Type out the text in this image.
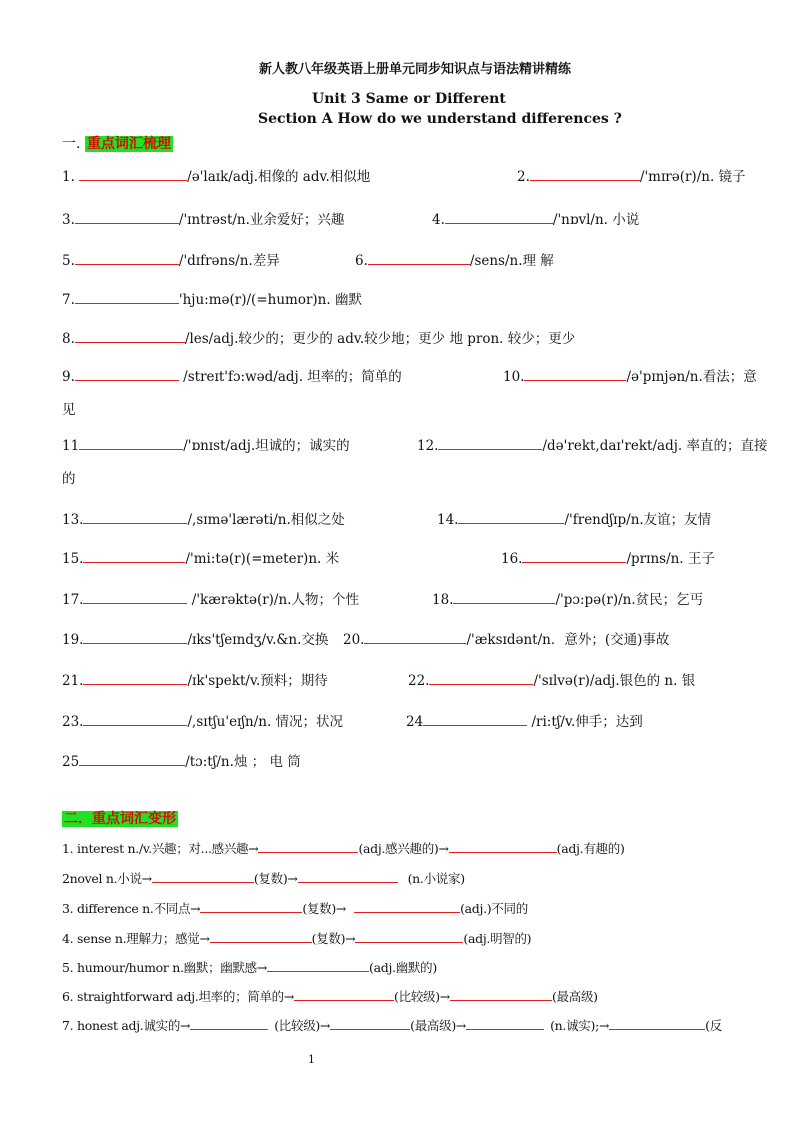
新人教八年级英语上册单元同步知识点与语法精讲精练
Unit 3 Same or Different
Section A How do we understand differences ?
一. 重点词汇梳理
1.	/ə'laɪk/adj.相像的 adv.相似地	2.	/'mɪrə(r)/n. 镜子
3.	/'ɪntrəst/n.业余爱好；兴趣	4.	/'nɒvl/n. 小说
5.	/'dɪfrəns/n.差异	6.	/sens/n.理 解
7.	'hju:mə(r)/(=humor)n. 幽默
8.	/les/adj.较少的；更少的 adv.较少地；更少 地 pron. 较少；更少
9.	/streɪt'fɔ:wəd/adj. 坦率的；简单的	10.	/ə'pɪnjən/n.看法；意
见
11	/'ɒnɪst/adj.坦诚的；诚实的	12.	/də'rekt,daɪ'rekt/adj. 率直的；直接
的
13.	/,sɪmə'lærəti/n.相似之处	14.	/'frendʃɪp/n.友谊；友情
15.	/'mi:tə(r)(=meter)n. 米	16.	/prɪns/n. 王子
17.	/'kærəktə(r)/n.人物；个性	18.	/'pɔ:pə(r)/n.贫民；乞丐
19.	/ɪks'tʃeɪndʒ/v.&n.交换 20.	/'æksɪdənt/n．意外；(交通)事故
21.	/ɪk'spekt/v.预料；期待	22.	/'sɪlvə(r)/adj.银色的 n. 银
23.	/,sɪtʃu'eɪʃn/n. 情况；状况	24	/ri:tʃ/v.伸手；达到
25	/tɔ:tʃ/n.烛 ； 电 筒
二．重点词汇变形
1. interest n./v.兴趣；对...感兴趣→	(adj.感兴趣的)→	(adj.有趣的)
2novel n.小说→	(复数)→	(n.小说家)
3. difference n.不同点→	(复数)→	(adj.)不同的
4. sense n.理解力；感觉→	(复数)→	(adj.明智的)
5. humour/humor n.幽默；幽默感→	(adj.幽默的)
6. straightforward adj.坦率的；简单的→	(比较级)→	(最高级)
7. honest adj.诚实的→	(比较级)→	(最高级)→	(n.诚实);→	(反
1
